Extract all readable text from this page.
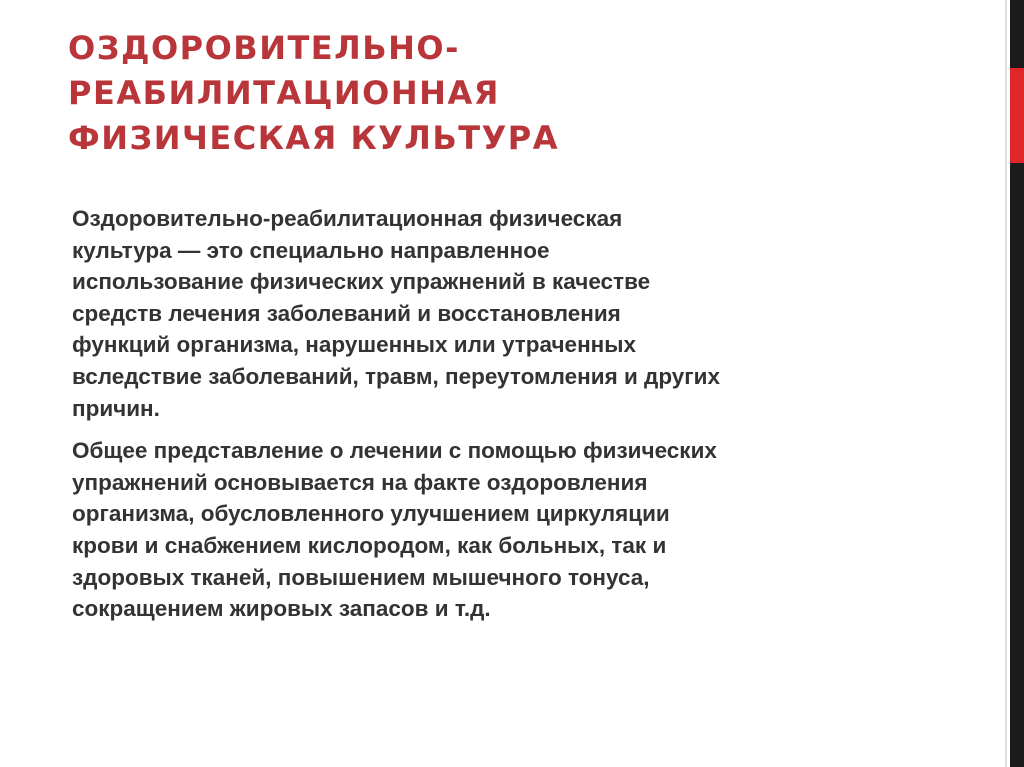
ОЗДОРОВИТЕЛЬНО-
РЕАБИЛИТАЦИОННАЯ
ФИЗИЧЕСКАЯ КУЛЬТУРА

Оздоровительно-реабилитационная физическая
культура — это специально направленное
использование физических упражнений в качестве
средств лечения заболеваний и восстановления
функций организма, нарушенных или утраченных
вследствие заболеваний, травм, переутомления и других
причин.

Общее представление о лечении с помощью физических
упражнений основывается на факте оздоровления
организма, обусловленного улучшением циркуляции
крови и снабжением кислородом, как больных, так и
здоровых тканей, повышением мышечного тонуса,
сокращением жировых запасов и т.д.
